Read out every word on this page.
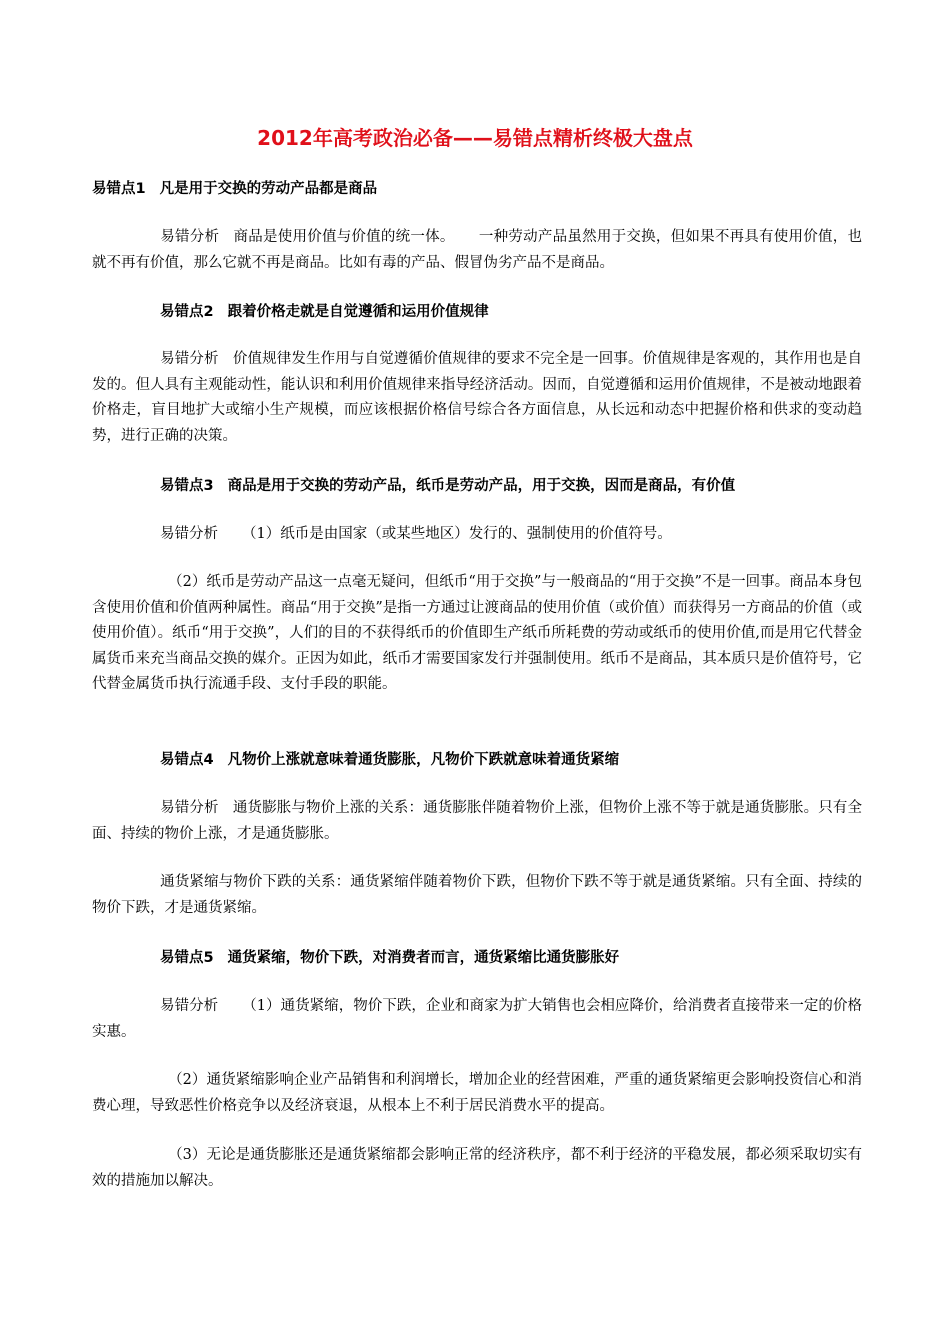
2012年高考政治必备——易错点精析终极大盘点
易错点1 凡是用于交换的劳动产品都是商品
易错分析 商品是使用价值与价值的统一体。 一种劳动产品虽然用于交换，但如果不再具有使用价值，也就不再有价值，那么它就不再是商品。比如有毒的产品、假冒伪劣产品不是商品。
易错点2 跟着价格走就是自觉遵循和运用价值规律
易错分析 价值规律发生作用与自觉遵循价值规律的要求不完全是一回事。价值规律是客观的，其作用也是自发的。但人具有主观能动性，能认识和利用价值规律来指导经济活动。因而，自觉遵循和运用价值规律，不是被动地跟着价格走，盲目地扩大或缩小生产规模，而应该根据价格信号综合各方面信息，从长远和动态中把握价格和供求的变动趋势，进行正确的决策。
易错点3 商品是用于交换的劳动产品，纸币是劳动产品，用于交换，因而是商品，有价值
易错分析 （1）纸币是由国家（或某些地区）发行的、强制使用的价值符号。
（2）纸币是劳动产品这一点毫无疑问，但纸币“用于交换”与一般商品的“用于交换”不是一回事。商品本身包含使用价值和价值两种属性。商品“用于交换”是指一方通过让渡商品的使用价值（或价值）而获得另一方商品的价值（或使用价值）。纸币“用于交换”，人们的目的不获得纸币的价值即生产纸币所耗费的劳动或纸币的使用价值,而是用它代替金属货币来充当商品交换的媒介。正因为如此，纸币才需要国家发行并强制使用。纸币不是商品，其本质只是价值符号，它代替金属货币执行流通手段、支付手段的职能。
易错点4 凡物价上涨就意味着通货膨胀，凡物价下跌就意味着通货紧缩
易错分析 通货膨胀与物价上涨的关系：通货膨胀伴随着物价上涨，但物价上涨不等于就是通货膨胀。只有全面、持续的物价上涨，才是通货膨胀。
通货紧缩与物价下跌的关系：通货紧缩伴随着物价下跌，但物价下跌不等于就是通货紧缩。只有全面、持续的物价下跌，才是通货紧缩。
易错点5 通货紧缩，物价下跌，对消费者而言，通货紧缩比通货膨胀好
易错分析 （1）通货紧缩，物价下跌，企业和商家为扩大销售也会相应降价，给消费者直接带来一定的价格实惠。
（2）通货紧缩影响企业产品销售和利润增长，增加企业的经营困难，严重的通货紧缩更会影响投资信心和消费心理，导致恶性价格竞争以及经济衰退，从根本上不利于居民消费水平的提高。
（3）无论是通货膨胀还是通货紧缩都会影响正常的经济秩序，都不利于经济的平稳发展，都必须采取切实有效的措施加以解决。
